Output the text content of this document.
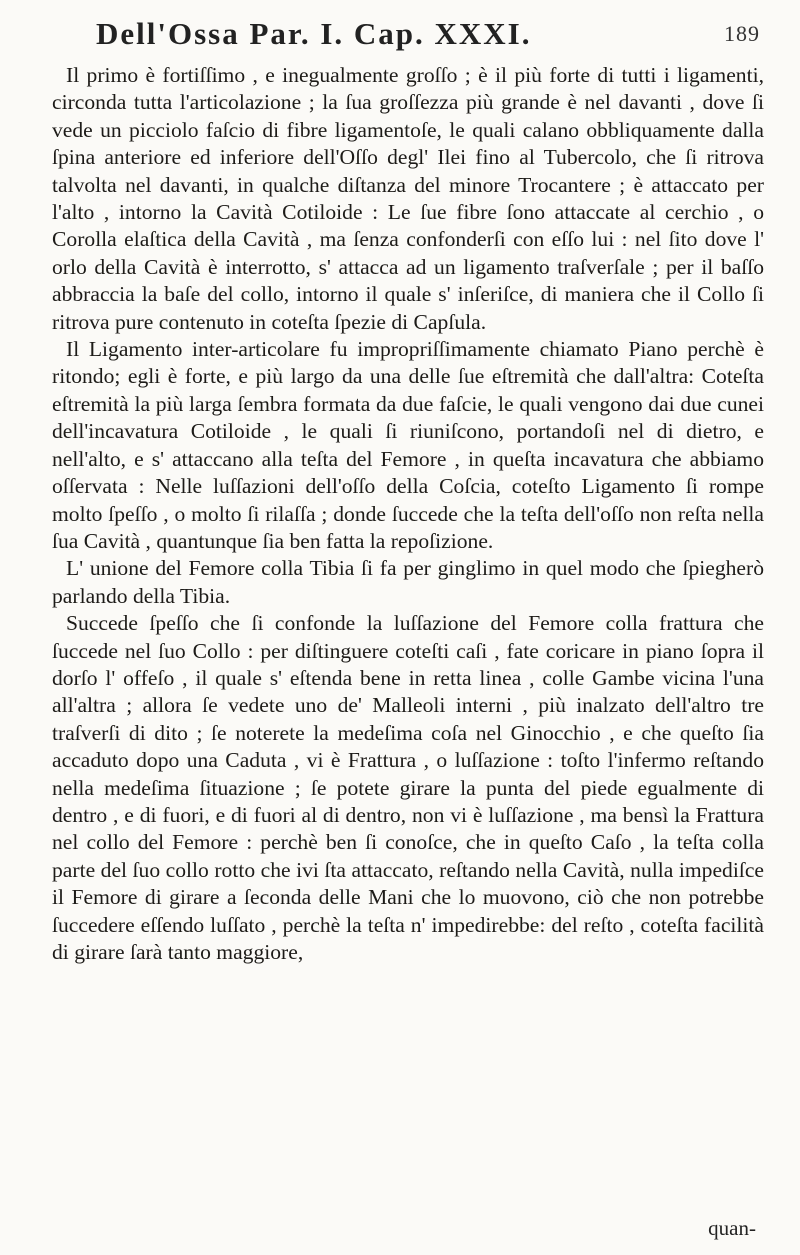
Dell'Ossa Par. I. Cap. XXXI.	189

Il primo è fortiſſimo , e inegualmente groſſo ; è il più forte di tutti i ligamenti, circonda tutta l'articolazione ; la ſua groſſezza più grande è nel davanti , dove ſi vede un picciolo faſcio di fibre ligamentoſe, le quali calano obbliquamente dalla ſpina anteriore ed inferiore dell'Oſſo degl' Ilei fino al Tubercolo, che ſi ritrova talvolta nel davanti, in qualche diſtanza del minore Trocantere ; è attaccato per l'alto , intorno la Cavità Cotiloide : Le ſue fibre ſono attaccate al cerchio , o Corolla elaſtica della Cavità , ma ſenza confonderſi con eſſo lui : nel ſito dove l' orlo della Cavità è interrotto, s' attacca ad un ligamento traſverſale ; per il baſſo abbraccia la baſe del collo, intorno il quale s' inſeriſce, di maniera che il Collo ſi ritrova pure contenuto in coteſta ſpezie di Capſula.

Il Ligamento inter-articolare fu impropriſſimamente chiamato Piano perchè è ritondo; egli è forte, e più largo da una delle ſue eſtremità che dall'altra: Coteſta eſtremità la più larga ſembra formata da due faſcie, le quali vengono dai due cunei dell'incavatura Cotiloide , le quali ſi riuniſcono, portandoſi nel di dietro, e nell'alto, e s' attaccano alla teſta del Femore , in queſta incavatura che abbiamo oſſervata : Nelle luſſazioni dell'oſſo della Coſcia, coteſto Ligamento ſi rompe molto ſpeſſo , o molto ſi rilaſſa ; donde ſuccede che la teſta dell'oſſo non reſta nella ſua Cavità , quantunque ſia ben fatta la repoſizione.

L' unione del Femore colla Tibia ſi fa per ginglimo in quel modo che ſpiegherò parlando della Tibia.

Succede ſpeſſo che ſi confonde la luſſazione del Femore colla frattura che ſuccede nel ſuo Collo : per diſtinguere coteſti caſi , fate coricare in piano ſopra il dorſo l' offeſo , il quale s' eſtenda bene in retta linea , colle Gambe vicina l'una all'altra ; allora ſe vedete uno de' Malleoli interni , più inalzato dell'altro tre traſverſi di dito ; ſe noterete la medeſima coſa nel Ginocchio , e che queſto ſia accaduto dopo una Caduta , vi è Frattura , o luſſazione : toſto l'infermo reſtando nella medeſima ſituazione ; ſe potete girare la punta del piede egualmente di dentro , e di fuori, e di fuori al di dentro, non vi è luſſazione , ma bensì la Frattura nel collo del Femore : perchè ben ſi conoſce, che in queſto Caſo , la teſta colla parte del ſuo collo rotto che ivi ſta attaccato, reſtando nella Cavità, nulla impediſce il Femore di girare a ſeconda delle Mani che lo muovono, ciò che non potrebbe ſuccedere eſſendo luſſato , perchè la teſta n' impedirebbe: del reſto , coteſta facilità di girare ſarà tanto maggiore,

quan-
